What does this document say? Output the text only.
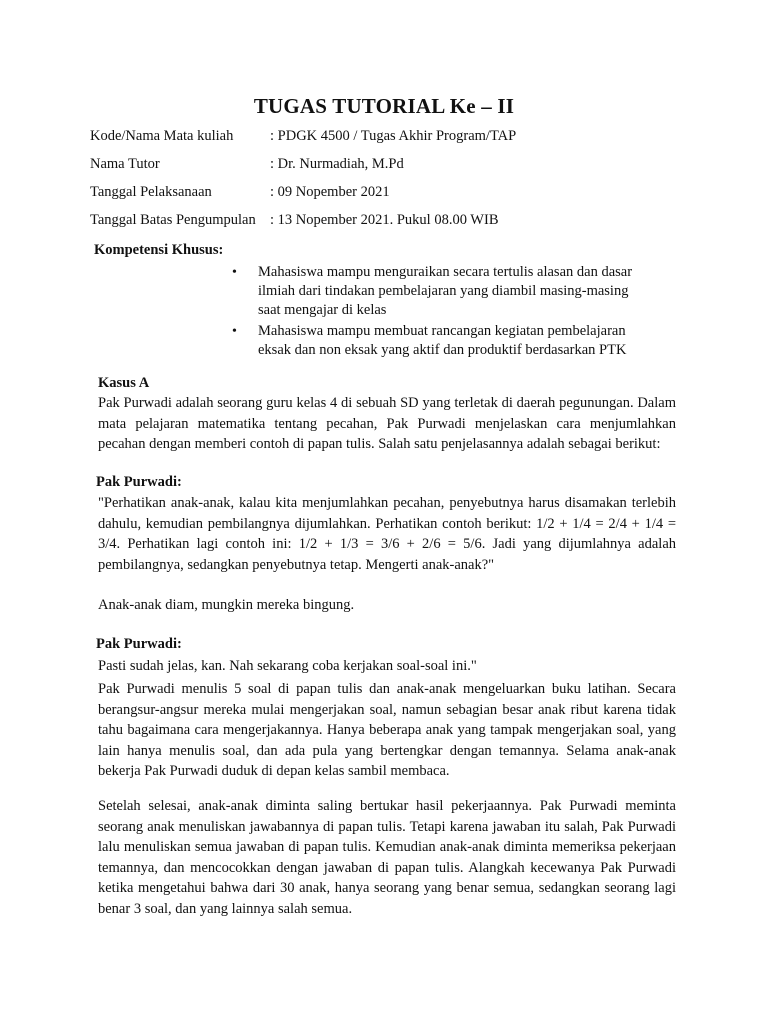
TUGAS TUTORIAL Ke – II
Kode/Nama Mata kuliah	: PDGK 4500 / Tugas Akhir Program/TAP
Nama Tutor	: Dr. Nurmadiah, M.Pd
Tanggal Pelaksanaan	: 09 Nopember 2021
Tanggal Batas Pengumpulan : 13 Nopember 2021. Pukul 08.00 WIB
Kompetensi Khusus:
• Mahasiswa mampu menguraikan secara tertulis alasan dan dasar ilmiah dari tindakan pembelajaran yang diambil masing-masing saat mengajar di kelas
• Mahasiswa mampu membuat rancangan kegiatan pembelajaran eksak dan non eksak yang aktif dan produktif berdasarkan PTK
Kasus A
Pak Purwadi adalah seorang guru kelas 4 di sebuah SD yang terletak di daerah pegunungan. Dalam mata pelajaran matematika tentang pecahan, Pak Purwadi menjelaskan cara menjumlahkan pecahan dengan memberi contoh di papan tulis. Salah satu penjelasannya adalah sebagai berikut:
Pak Purwadi:
"Perhatikan anak-anak, kalau kita menjumlahkan pecahan, penyebutnya harus disamakan terlebih dahulu, kemudian pembilangnya dijumlahkan. Perhatikan contoh berikut: 1/2 + 1/4 = 2/4 + 1/4 = 3/4. Perhatikan lagi contoh ini: 1/2 + 1/3 = 3/6 + 2/6 = 5/6. Jadi yang dijumlahnya adalah pembilangnya, sedangkan penyebutnya tetap. Mengerti anak-anak?"
Anak-anak diam, mungkin mereka bingung.
Pak Purwadi:
Pasti sudah jelas, kan. Nah sekarang coba kerjakan soal-soal ini."
Pak Purwadi menulis 5 soal di papan tulis dan anak-anak mengeluarkan buku latihan. Secara berangsur-angsur mereka mulai mengerjakan soal, namun sebagian besar anak ribut karena tidak tahu bagaimana cara mengerjakannya. Hanya beberapa anak yang tampak mengerjakan soal, yang lain hanya menulis soal, dan ada pula yang bertengkar dengan temannya. Selama anak-anak bekerja Pak Purwadi duduk di depan kelas sambil membaca.
Setelah selesai, anak-anak diminta saling bertukar hasil pekerjaannya. Pak Purwadi meminta seorang anak menuliskan jawabannya di papan tulis. Tetapi karena jawaban itu salah, Pak Purwadi lalu menuliskan semua jawaban di papan tulis. Kemudian anak-anak diminta memeriksa pekerjaan temannya, dan mencocokkan dengan jawaban di papan tulis. Alangkah kecewanya Pak Purwadi ketika mengetahui bahwa dari 30 anak, hanya seorang yang benar semua, sedangkan seorang lagi benar 3 soal, dan yang lainnya salah semua.
